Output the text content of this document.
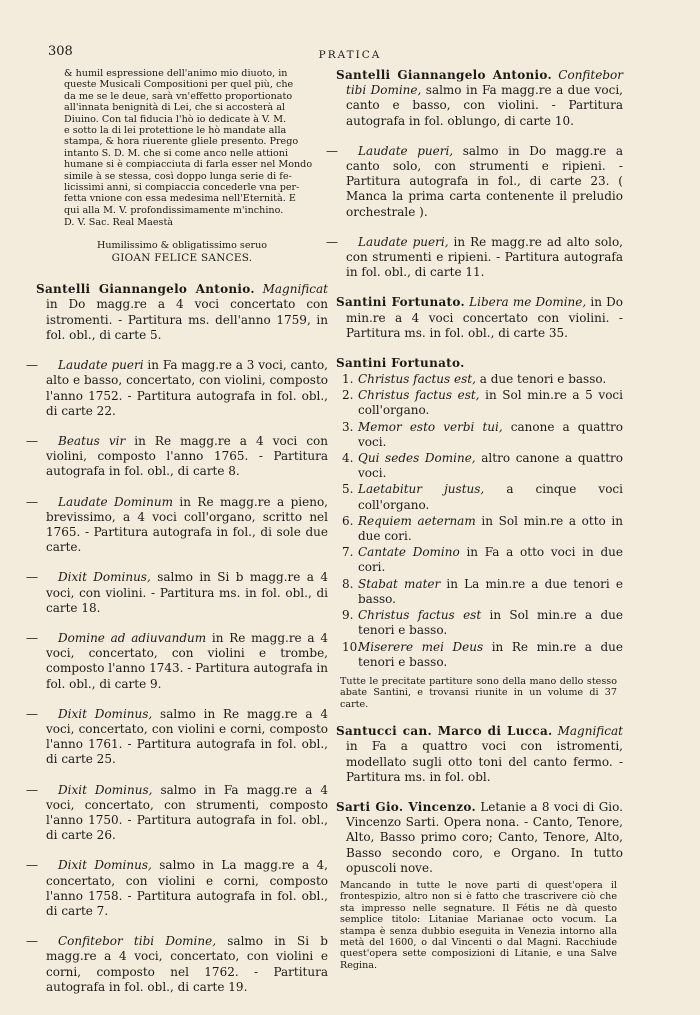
308	PRATICA

& humil espressione dell'animo mio diuoto, in

queste Musicali Compositioni per quel più, che

da me se le deue, sarà vn'effetto proportionato

all'innata benignità di Lei, che si accosterà al

Diuino. Con tal fiducia l'hò io dedicate à V. M.

e sotto la di lei protettione le hò mandate alla

stampa, & hora riuerente gliele presento. Prego

intanto S. D. M. che si come anco nelle attioni

humane si è compiacciuta di farla esser nel Mondo

simile à se stessa, così doppo lunga serie di fe-

licissimi anni, si compiaccia concederle vna per-

fetta vnione con essa medesima nell'Eternità. E

qui alla M. V. profondissimamente m'inchino.

D. V. Sac. Real Maestà
Humilissimo & obligatissimo seruo
GIOAN FELICE SANCES.

Santelli Giannangelo Antonio. Magnificat in Do magg.re a 4 voci concertato con istromenti. - Partitura ms. dell'anno 1759, in fol. obl., di carte 5.

— Laudate pueri in Fa magg.re a 3 voci, canto, alto e basso, concertato, con violini, composto l'anno 1752. - Partitura autografa in fol. obl., di carte 22.

— Beatus vir in Re magg.re a 4 voci con violini, composto l'anno 1765. - Partitura autografa in fol. obl., di carte 8.

— Laudate Dominum in Re magg.re a pieno, brevissimo, a 4 voci coll'organo, scritto nel 1765. - Partitura autografa in fol., di sole due carte.

— Dixit Dominus, salmo in Si b magg.re a 4 voci, con violini. - Partitura ms. in fol. obl., di carte 18.

— Domine ad adiuvandum in Re magg.re a 4 voci, concertato, con violini e trombe, composto l'anno 1743. - Partitura autografa in fol. obl., di carte 9.

— Dixit Dominus, salmo in Re magg.re a 4 voci, concertato, con violini e corni, composto l'anno 1761. - Partitura autografa in fol. obl., di carte 25.

— Dixit Dominus, salmo in Fa magg.re a 4 voci, concertato, con strumenti, composto l'anno 1750. - Partitura autografa in fol. obl., di carte 26.

— Dixit Dominus, salmo in La magg.re a 4, concertato, con violini e corni, composto l'anno 1758. - Partitura autografa in fol. obl., di carte 7.

— Confitebor tibi Domine, salmo in Si b magg.re a 4 voci, concertato, con violini e corni, composto nel 1762. - Partitura autografa in fol. obl., di carte 19.

Santelli Giannangelo Antonio. Confitebor tibi Domine, salmo in Fa magg.re a due voci, canto e basso, con violini. - Partitura autografa in fol. oblungo, di carte 10.

— Laudate pueri, salmo in Do magg.re a canto solo, con strumenti e ripieni. - Partitura autografa in fol., di carte 23. ( Manca la prima carta contenente il preludio orchestrale ).

— Laudate pueri, in Re magg.re ad alto solo, con strumenti e ripieni. - Partitura autografa in fol. obl., di carte 11.

Santini Fortunato. Libera me Domine, in Do min.re a 4 voci concertato con violini. - Partitura ms. in fol. obl., di carte 35.

Santini Fortunato.
1. Christus factus est, a due tenori e basso.
2. Christus factus est, in Sol min.re a 5 voci coll'organo.
3. Memor esto verbi tui, canone a quattro voci.
4. Qui sedes Domine, altro canone a quattro voci.
5. Laetabitur justus, a cinque voci coll'organo.
6. Requiem aeternam in Sol min.re a otto in due cori.
7. Cantate Domino in Fa a otto voci in due cori.
8. Stabat mater in La min.re a due tenori e basso.
9. Christus factus est in Sol min.re a due tenori e basso.
10.Miserere mei Deus in Re min.re a due tenori e basso.
Tutte le precitate partiture sono della mano dello stesso abate Santini, e trovansi riunite in un volume di 37 carte.

Santucci can. Marco di Lucca. Magnificat in Fa a quattro voci con istromenti, modellato sugli otto toni del canto fermo. - Partitura ms. in fol. obl.

Sarti Gio. Vincenzo. Letanie a 8 voci di Gio. Vincenzo Sarti. Opera nona. - Canto, Tenore, Alto, Basso primo coro; Canto, Tenore, Alto, Basso secondo coro, e Organo. In tutto opuscoli nove.

Mancando in tutte le nove parti di quest'opera il frontespizio, altro non si è fatto che trascrivere ciò che sta impresso nelle segnature. Il Fétis ne dà questo semplice titolo: Litaniae Marianae octo vocum. La stampa è senza dubbio eseguita in Venezia intorno alla metà del 1600, o dal Vincenti o dal Magni. Racchiude quest'opera sette composizioni di Litanie, e una Salve Regina.
